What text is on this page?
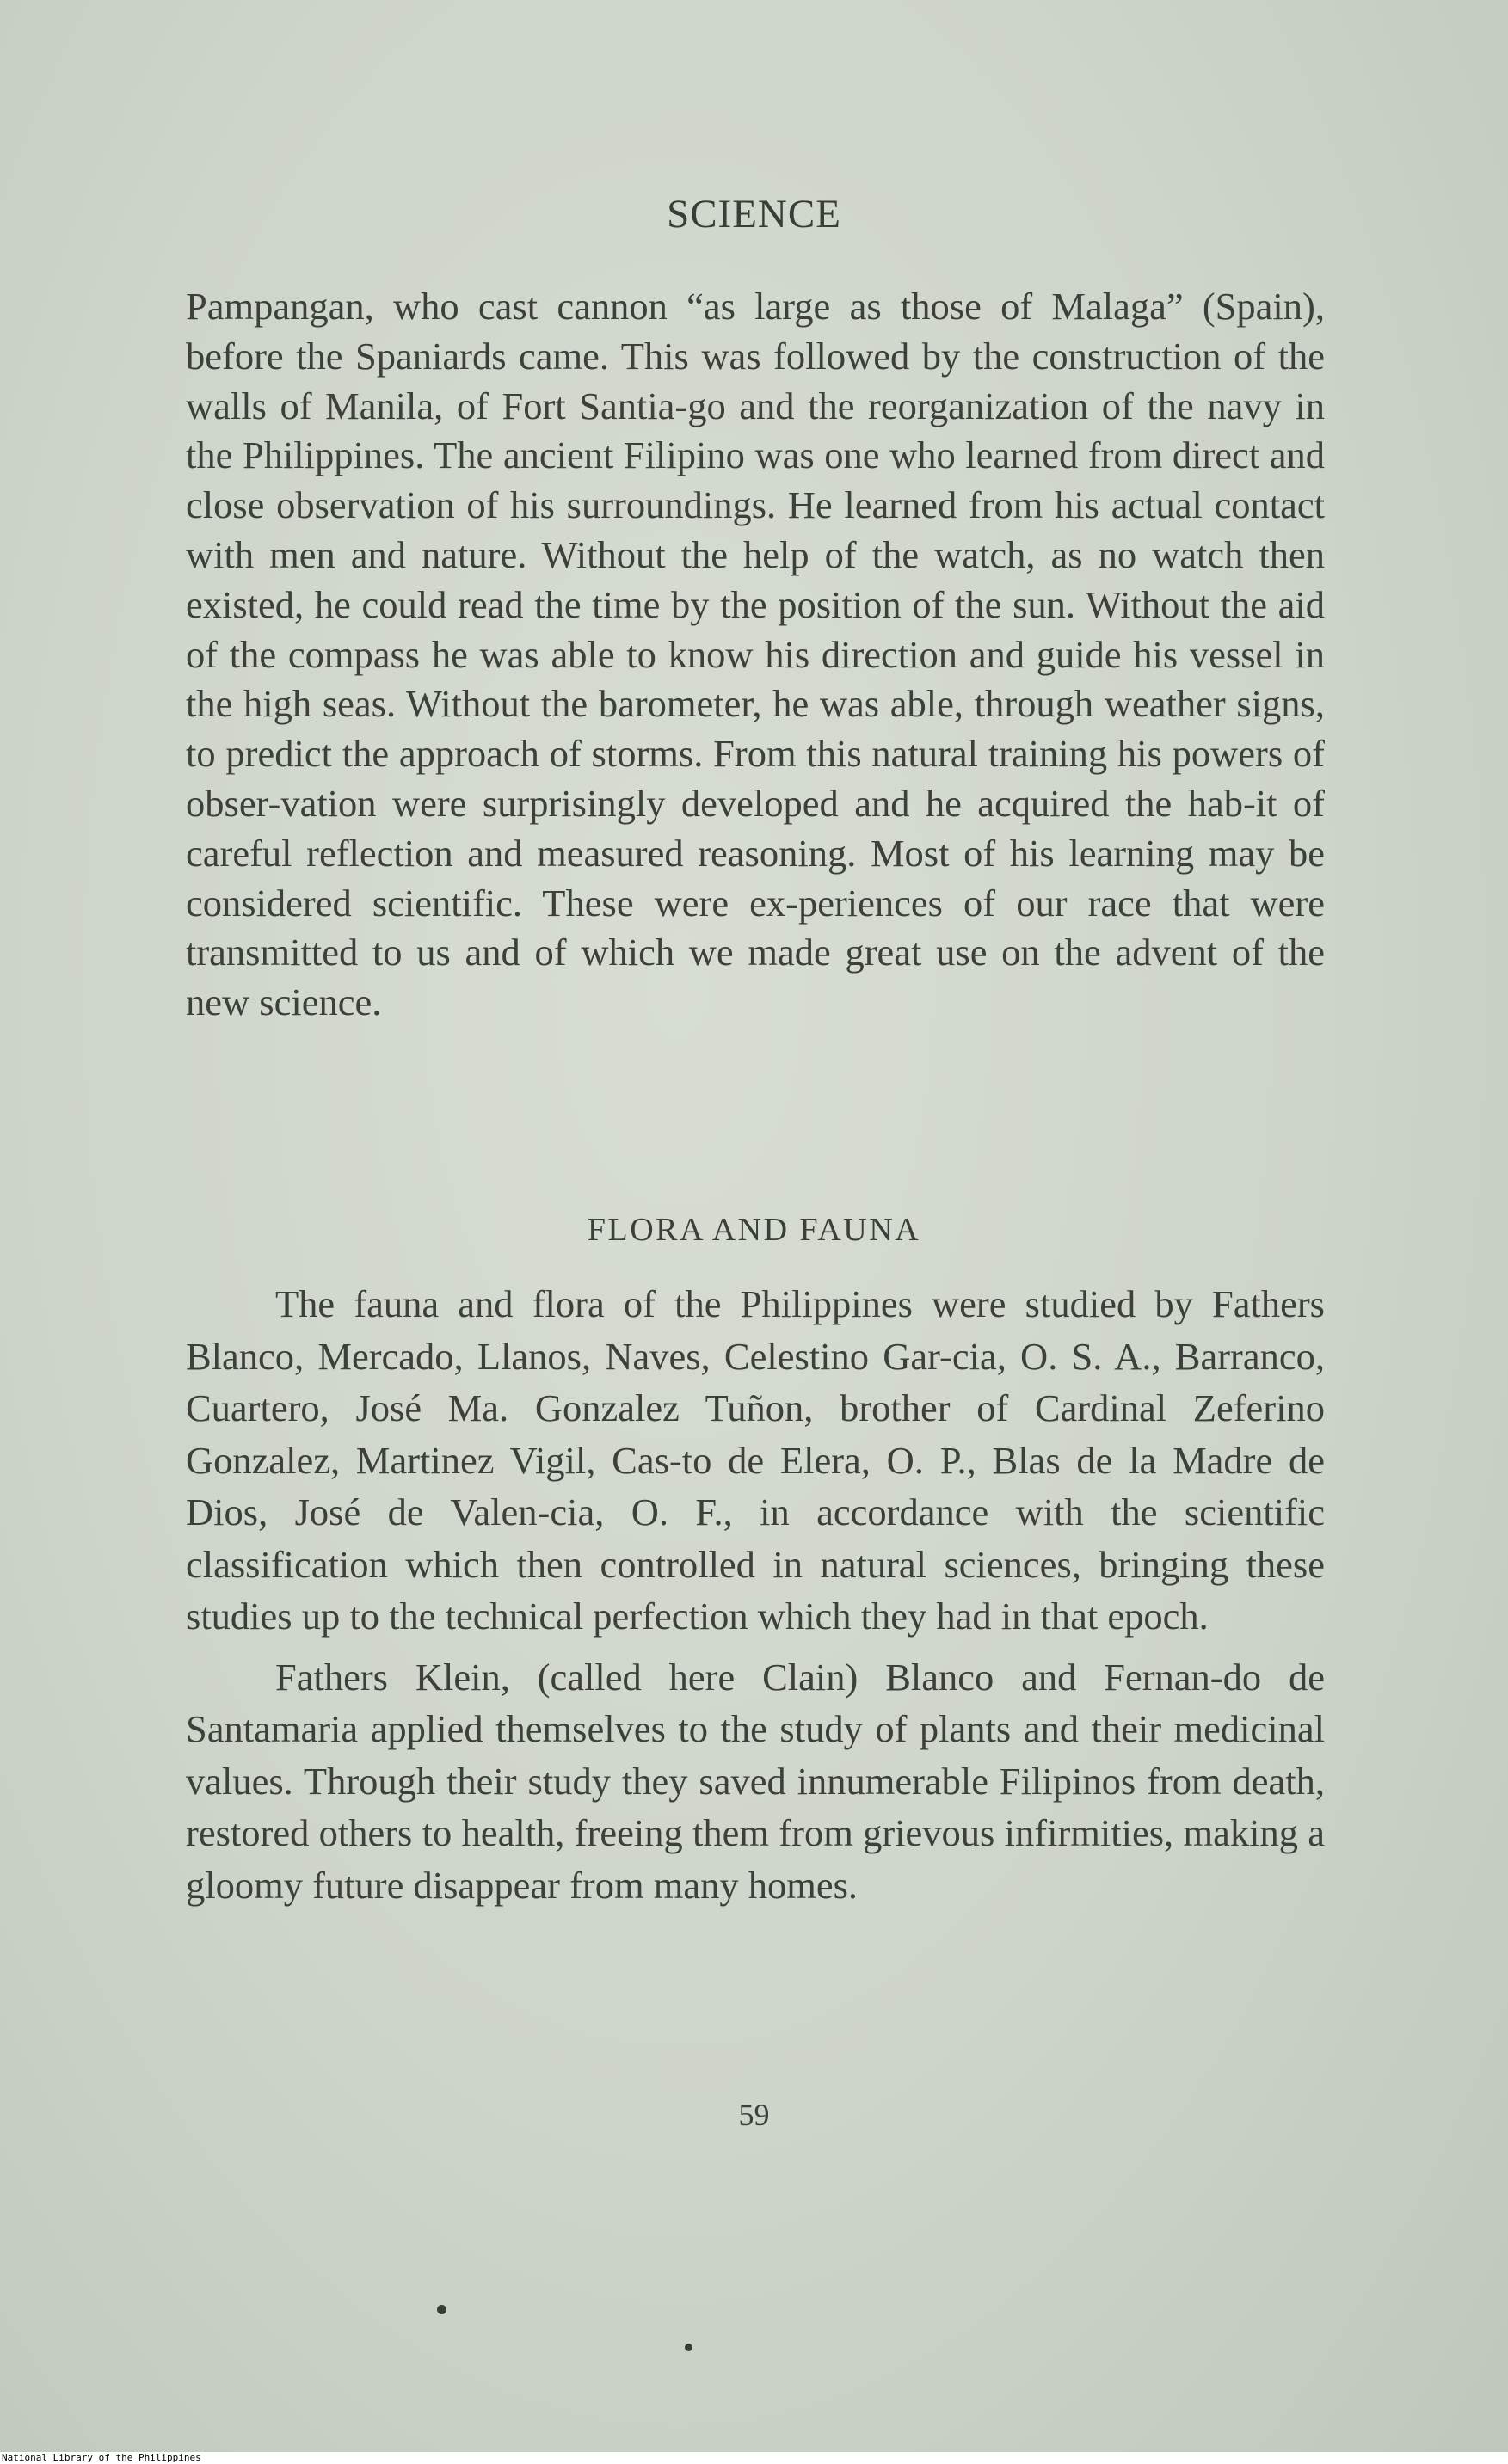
SCIENCE

Pampangan, who cast cannon “as large as those of Malaga” (Spain), before the Spaniards came. This was followed by the construction of the walls of Manila, of Fort Santia-go and the reorganization of the navy in the Philippines. The ancient Filipino was one who learned from direct and close observation of his surroundings. He learned from his actual contact with men and nature. Without the help of the watch, as no watch then existed, he could read the time by the position of the sun. Without the aid of the compass he was able to know his direction and guide his vessel in the high seas. Without the barometer, he was able, through weather signs, to predict the approach of storms. From this natural training his powers of obser-vation were surprisingly developed and he acquired the hab-it of careful reflection and measured reasoning. Most of his learning may be considered scientific. These were ex-periences of our race that were transmitted to us and of which we made great use on the advent of the new science.

FLORA AND FAUNA

The fauna and flora of the Philippines were studied by Fathers Blanco, Mercado, Llanos, Naves, Celestino Gar-cia, O. S. A., Barranco, Cuartero, José Ma. Gonzalez Tuñon, brother of Cardinal Zeferino Gonzalez, Martinez Vigil, Cas-to de Elera, O. P., Blas de la Madre de Dios, José de Valen-cia, O. F., in accordance with the scientific classification which then controlled in natural sciences, bringing these studies up to the technical perfection which they had in that epoch.

Fathers Klein, (called here Clain) Blanco and Fernan-do de Santamaria applied themselves to the study of plants and their medicinal values. Through their study they saved innumerable Filipinos from death, restored others to health, freeing them from grievous infirmities, making a gloomy future disappear from many homes.

59
National Library of the Philippines
